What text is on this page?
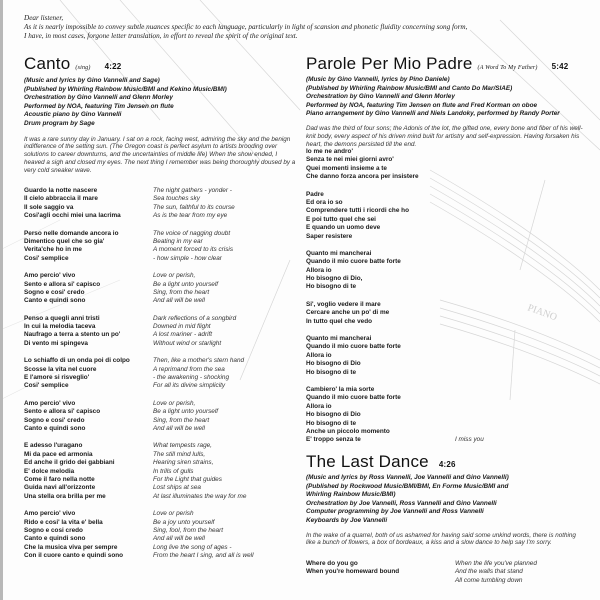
PIANO
Dear listener,
As it is nearly impossible to convey subtle nuances specific to each language, particularly in light of scansion and phonetic fluidity concerning song form,
I have, in most cases, forgone letter translation, in effort to reveal the spirit of the original text.
Canto (sing) 4:22
(Music and lyrics by Gino Vannelli and Sage)
(Published by Whirling Rainbow Music/BMI and Kekino Music/BMI)
Orchestration by Gino Vannelli and Glenn Morley
Performed by NOA, featuring Tim Jensen on flute
Acoustic piano by Gino Vannelli
Drum program by Sage
It was a rare sunny day in January. I sat on a rock, facing west, admiring the sky and the benign indifference of the setting sun. (The Oregon coast is perfect asylum to artists brooding over solutions to career downturns, and the uncertainties of middle life) When the show ended, I heaved a sigh and closed my eyes. The next thing I remember was being thoroughly doused by a very cold sneaker wave.
Guardo la notte nascere	The night gathers - yonder -
Il cielo abbraccia il mare	Sea touches sky
Il sole saggio va	The sun, faithful to its course
Cosi'agli occhi miei una lacrima	As is the tear from my eye
Perso nelle domande ancora io	The voice of nagging doubt
Dimentico quel che so gia'	Beating in my ear
Verita'che ho in me	A moment forced to its crisis
Cosi' semplice	- how simple - how clear
Amo percio' vivo	Love or perish,
Sento e allora si' capisco	Be a light unto yourself
Sogno e cosi' credo	Sing, from the heart
Canto e quindi sono	And all will be well
Penso a quegli anni tristi	Dark reflections of a songbird
In cui la melodia taceva	Downed in mid flight
Naufrago a terra a stento un po'	A lost mariner - adrift
Di vento mi spingeva	Without wind or starlight
Lo schiaffo di un onda poi di colpo	Then, like a mother's stern hand
Scosse la vita nel cuore	A reprimand from the sea
E l'amore si risveglio'	- the awakening - shocking
Cosi' semplice	For all its divine simplicity
Amo percio' vivo	Love or perish,
Sento e allora si' capisco	Be a light unto yourself
Sogno e cosi' credo	Sing, from the heart
Canto e quindi sono	And all will be well
E adesso l'uragano	What tempests rage,
Mi da pace ed armonia	The still mind lulls,
Ed anche il grido dei gabbiani	Hearing siren strains,
E' dolce melodia	In trills of gulls
Come il faro nella notte	For the Light that guides
Guida navi all'orizzonte	Lost ships at sea
Una stella ora brilla per me	At last illuminates the way for me
Amo percio' vivo	Love or perish
Rido e cosi' la vita e' bella	Be a joy unto yourself
Sogno e cosi credo	Sing, fool, from the heart
Canto e quindi sono	And all will be well
Che la musica viva per sempre	Long live the song of ages -
Con il cuore canto e quindi sono	From the heart I sing, and all is well
Parole Per Mio Padre (A Word To My Father) 5:42
(Music by Gino Vannelli, lyrics by Pino Daniele)
(Published by Whirling Rainbow Music/BMI and Canto Do Mar/SIAE)
Orchestration by Gino Vannelli and Glenn Morley
Performed by NOA, featuring Tim Jensen on flute and Fred Korman on oboe
Piano arrangement by Gino Vannelli and Niels Landoky, performed by Randy Porter
Dad was the third of four sons; the Adonis of the lot, the gifted one, every bone and fiber of his well-knit body, every aspect of his driven mind built for artistry and self-expression. Having forsaken his heart, the demons persisted till the end.
Io me ne andro'
Senza te nei miei giorni avro'
Quei momenti insieme a te
Che danno forza ancora per insistere
Padre
Ed ora io so
Comprendere tutti i ricordi che ho
E poi tutto quel che sei
E quando un uomo deve
Saper resistere
Quanto mi mancherai
Quando il mio cuore batte forte
Allora io
Ho bisogno di Dio,
Ho bisogno di te
Si', voglio vedere il mare
Cercare anche un po' di me
In tutto quel che vedo
Quanto mi mancherai
Quando il mio cuore batte forte
Allora io
Ho bisogno di Dio
Ho bisogno di te
Cambiero' la mia sorte
Quando il mio cuore batte forte
Allora io
Ho bisogno di Dio
Ho bisogno di te
Anche un piccolo momento
E' troppo senza te	I miss you
The Last Dance 4:26
(Music and lyrics by Ross Vannelli, Joe Vannelli and Gino Vannelli)
(Published by Rockwood Music/BMI/BMI, En Forme Music/BMI and
Whirling Rainbow Music/BMI)
Orchestration by Joe Vannelli, Ross Vannelli and Gino Vannelli
Computer programming by Joe Vannelli and Ross Vannelli
Keyboards by Joe Vannelli
In the wake of a quarrel, both of us ashamed for having said some unkind words, there is nothing like a bunch of flowers, a box of bordeaux, a kiss and a slow dance to help say I'm sorry.
Where do you go	When the life you've planned
When you're homeward bound	And the walls that stand
All come tumbling down
